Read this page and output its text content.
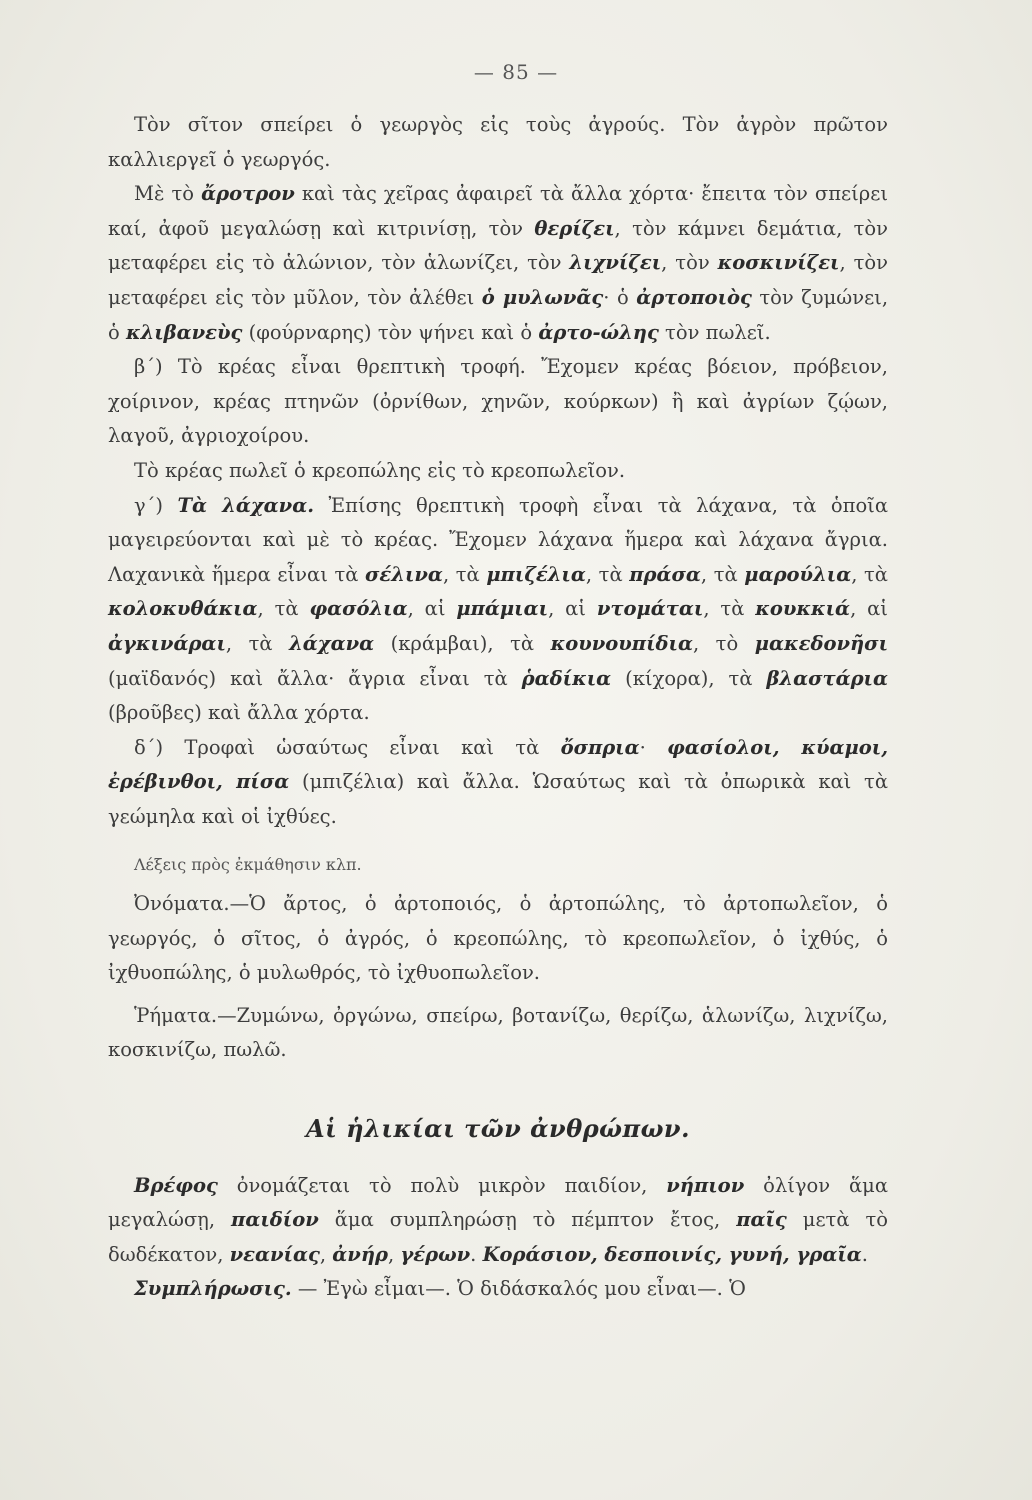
— 85 —

Τὸν σῖτον σπείρει ὁ γεωργὸς εἰς τοὺς ἀγρούς. Τὸν ἀγρὸν πρῶτον καλλιεργεῖ ὁ γεωργός.

Μὲ τὸ ἄροτρον καὶ τὰς χεῖρας ἀφαιρεῖ τὰ ἄλλα χόρτα· ἔπειτα τὸν σπείρει καί, ἀφοῦ μεγαλώσῃ καὶ κιτρινίσῃ, τὸν θερίζει, τὸν κάμνει δεμάτια, τὸν μεταφέρει εἰς τὸ ἁλώνιον, τὸν ἁλωνίζει, τὸν λιχνίζει, τὸν κοσκινίζει, τὸν μεταφέρει εἰς τὸν μῦλον, τὸν ἀλέθει ὁ μυλωνᾶς· ὁ ἀρτοποιὸς τὸν ζυμώνει, ὁ κλιβανεὺς (φούρναρης) τὸν ψήνει καὶ ὁ ἀρτο-ώλης τὸν πωλεῖ.

β΄) Τὸ κρέας εἶναι θρεπτικὴ τροφή. Ἔχομεν κρέας βόειον, πρόβειον, χοίρινον, κρέας πτηνῶν (ὀρνίθων, χηνῶν, κούρκων) ἢ καὶ ἀγρίων ζῴων, λαγοῦ, ἀγριοχοίρου.

Τὸ κρέας πωλεῖ ὁ κρεοπώλης εἰς τὸ κρεοπωλεῖον.

γ΄) Τὰ λάχανα. Ἐπίσης θρεπτικὴ τροφὴ εἶναι τὰ λάχανα, τὰ ὁποῖα μαγειρεύονται καὶ μὲ τὸ κρέας. Ἔχομεν λάχανα ἥμερα καὶ λάχανα ἄγρια. Λαχανικὰ ἥμερα εἶναι τὰ σέλινα, τὰ μπιζέλια, τὰ πράσα, τὰ μαρούλια, τὰ κολοκυθάκια, τὰ φασόλια, αἱ μπάμιαι, αἱ ντομάται, τὰ κουκκιά, αἱ ἀγκινάραι, τὰ λάχανα (κράμβαι), τὰ κουνουπίδια, τὸ μακεδονῆσι (μαϊδανός) καὶ ἄλλα· ἄγρια εἶναι τὰ ῥαδίκια (κίχορα), τὰ βλαστάρια (βροῦβες) καὶ ἄλλα χόρτα.

δ΄) Τροφαὶ ὡσαύτως εἶναι καὶ τὰ ὄσπρια· φασίολοι, κύαμοι, ἐρέβινθοι, πίσα (μπιζέλια) καὶ ἄλλα. Ὡσαύτως καὶ τὰ ὀπωρικὰ καὶ τὰ γεώμηλα καὶ οἱ ἰχθύες.

Λέξεις πρὸς ἐκμάθησιν κλπ.

Ὀνόματα.—Ὁ ἄρτος, ὁ ἀρτοποιός, ὁ ἀρτοπώλης, τὸ ἀρτοπωλεῖον, ὁ γεωργός, ὁ σῖτος, ὁ ἀγρός, ὁ κρεοπώλης, τὸ κρεοπωλεῖον, ὁ ἰχθύς, ὁ ἰχθυοπώλης, ὁ μυλωθρός, τὸ ἰχθυοπωλεῖον.

Ῥήματα.—Ζυμώνω, ὀργώνω, σπείρω, βοτανίζω, θερίζω, ἁλωνίζω, λιχνίζω, κοσκινίζω, πωλῶ.

Αἱ ἡλικίαι τῶν ἀνθρώπων.

Βρέφος ὀνομάζεται τὸ πολὺ μικρὸν παιδίον, νήπιον ὀλίγον ἅμα μεγαλώσῃ, παιδίον ἅμα συμπληρώσῃ τὸ πέμπτον ἔτος, παῖς μετὰ τὸ δωδέκατον, νεανίας, ἀνήρ, γέρων. Κοράσιον, δεσποινίς, γυνή, γραῖα.

Συμπλήρωσις. — Ἐγὼ εἶμαι—. Ὁ διδάσκαλός μου εἶναι—. Ὁ
